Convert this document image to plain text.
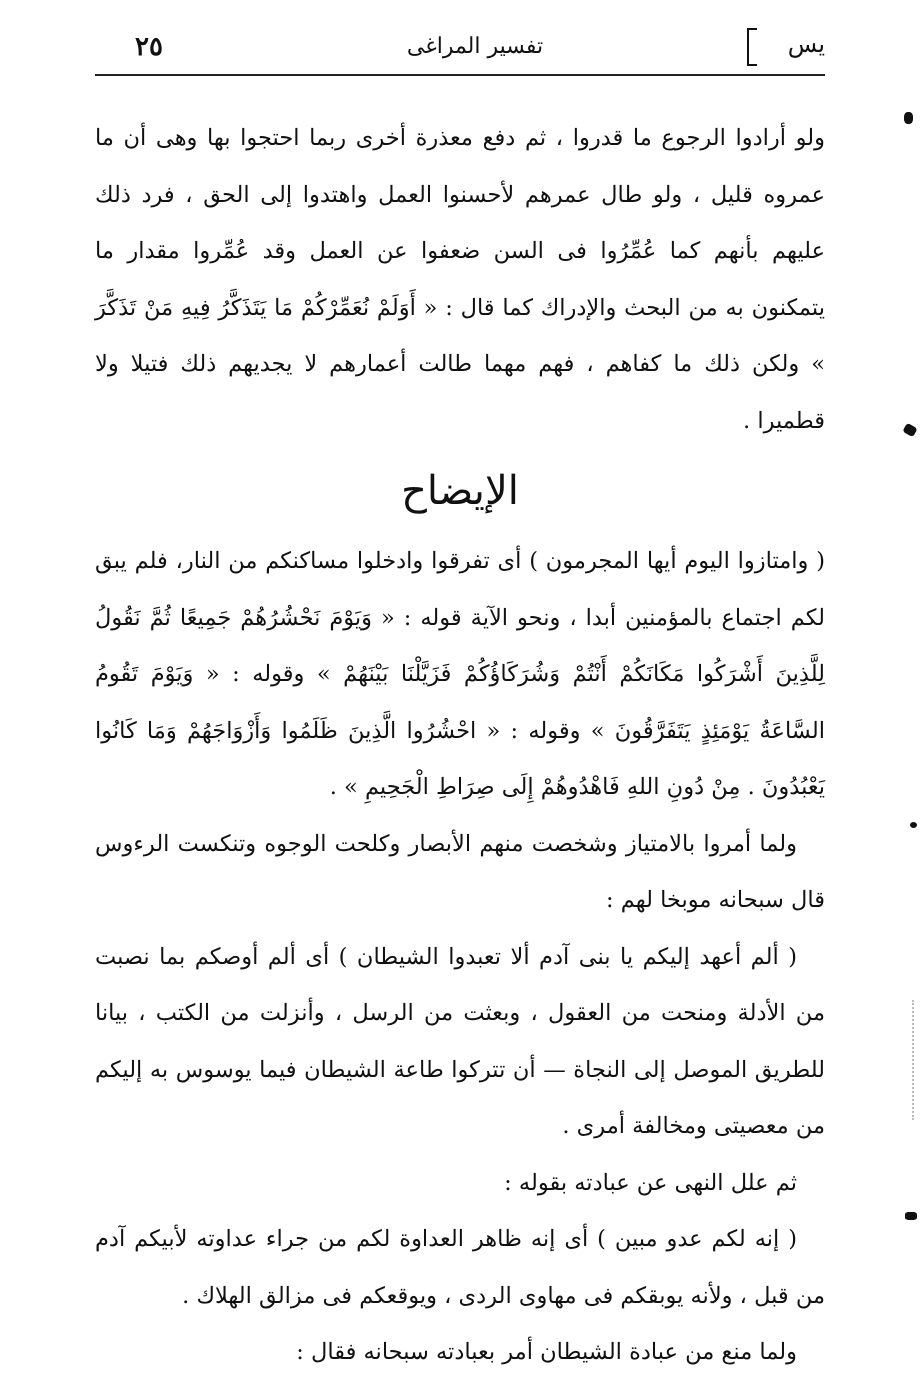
٢٥	تفسير المراغى	يس

ولو أرادوا الرجوع ما قدروا ، ثم دفع معذرة أخرى ربما احتجوا بها وهى أن ما عمروه قليل ، ولو طال عمرهم لأحسنوا العمل واهتدوا إلى الحق ، فرد ذلك عليهم بأنهم كما عُمِّرُوا فى السن ضعفوا عن العمل وقد عُمِّروا مقدار ما يتمكنون به من البحث والإدراك كما قال : « أَوَلَمْ نُعَمِّرْكُمْ مَا يَتَذَكَّرُ فِيهِ مَنْ تَذَكَّرَ » ولكن ذلك ما كفاهم ، فهم مهما طالت أعمارهم لا يجديهم ذلك فتيلا ولا قطميرا .

الإيضاح

( وامتازوا اليوم أيها المجرمون ) أى تفرقوا وادخلوا مساكنكم من النار، فلم يبق لكم اجتماع بالمؤمنين أبدا ، ونحو الآية قوله : « وَيَوْمَ نَحْشُرُهُمْ جَمِيعًا ثُمَّ نَقُولُ لِلَّذِينَ أَشْرَكُوا مَكَانَكُمْ أَنْتُمْ وَشُرَكَاؤُكُمْ فَزَيَّلْنَا بَيْنَهُمْ » وقوله : « وَيَوْمَ تَقُومُ السَّاعَةُ يَوْمَئِذٍ يَتَفَرَّقُونَ » وقوله : « احْشُرُوا الَّذِينَ ظَلَمُوا وَأَزْوَاجَهُمْ وَمَا كَانُوا يَعْبُدُونَ . مِنْ دُونِ اللهِ فَاهْدُوهُمْ إِلَى صِرَاطِ الْجَحِيمِ » .

ولما أمروا بالامتياز وشخصت منهم الأبصار وكلحت الوجوه وتنكست الرءوس قال سبحانه موبخا لهم :

( ألم أعهد إليكم يا بنى آدم ألا تعبدوا الشيطان ) أى ألم أوصكم بما نصبت من الأدلة ومنحت من العقول ، وبعثت من الرسل ، وأنزلت من الكتب ، بيانا للطريق الموصل إلى النجاة — أن تتركوا طاعة الشيطان فيما يوسوس به إليكم من معصيتى ومخالفة أمرى .

ثم علل النهى عن عبادته بقوله :

( إنه لكم عدو مبين ) أى إنه ظاهر العداوة لكم من جراء عداوته لأبيكم آدم من قبل ، ولأنه يوبقكم فى مهاوى الردى ، ويوقعكم فى مزالق الهلاك .

ولما منع من عبادة الشيطان أمر بعبادته سبحانه فقال :
